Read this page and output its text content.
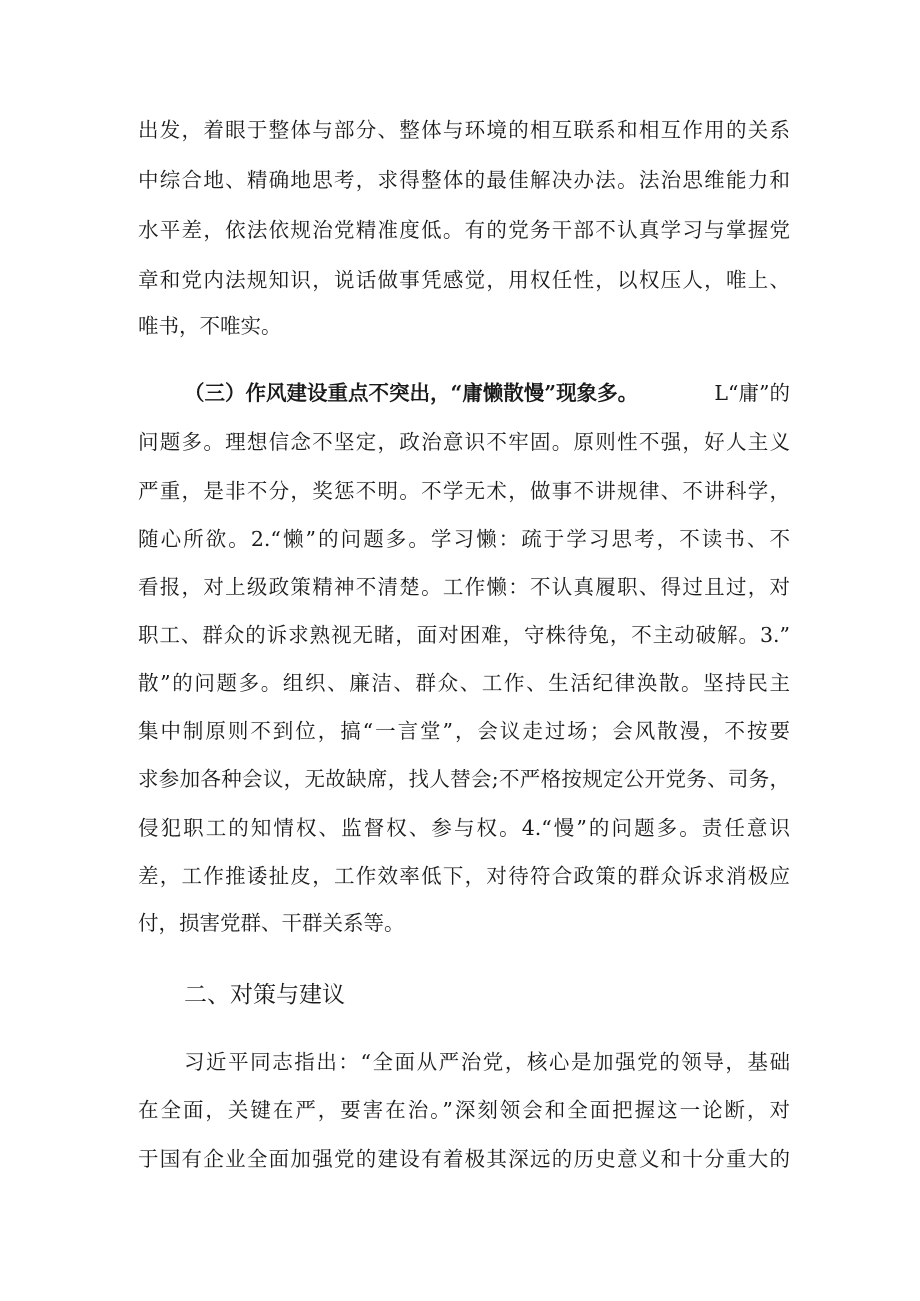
出发，着眼于整体与部分、整体与环境的相互联系和相互作用的关系
中综合地、精确地思考，求得整体的最佳解决办法。法治思维能力和
水平差，依法依规治党精准度低。有的党务干部不认真学习与掌握党
章和党内法规知识，说话做事凭感觉，用权任性，以权压人，唯上、
唯书，不唯实。
（三）作风建设重点不突出，“庸懒散慢”现象多。	L“庸”的
问题多。理想信念不坚定，政治意识不牢固。原则性不强，好人主义
严重，是非不分，奖惩不明。不学无术，做事不讲规律、不讲科学，
随心所欲。2.“懒”的问题多。学习懒：疏于学习思考，不读书、不
看报，对上级政策精神不清楚。工作懒：不认真履职、得过且过，对
职工、群众的诉求熟视无睹，面对困难，守株待兔，不主动破解。3.”
散”的问题多。组织、廉洁、群众、工作、生活纪律涣散。坚持民主
集中制原则不到位，搞“一言堂”，会议走过场；会风散漫，不按要
求参加各种会议，无故缺席，找人替会;不严格按规定公开党务、司务，
侵犯职工的知情权、监督权、参与权。4.“慢”的问题多。责任意识
差，工作推诿扯皮，工作效率低下，对待符合政策的群众诉求消极应
付，损害党群、干群关系等。
二、对策与建议
习近平同志指出：“全面从严治党，核心是加强党的领导，基础
在全面，关键在严，要害在治。”深刻领会和全面把握这一论断，对
于国有企业全面加强党的建设有着极其深远的历史意义和十分重大的
